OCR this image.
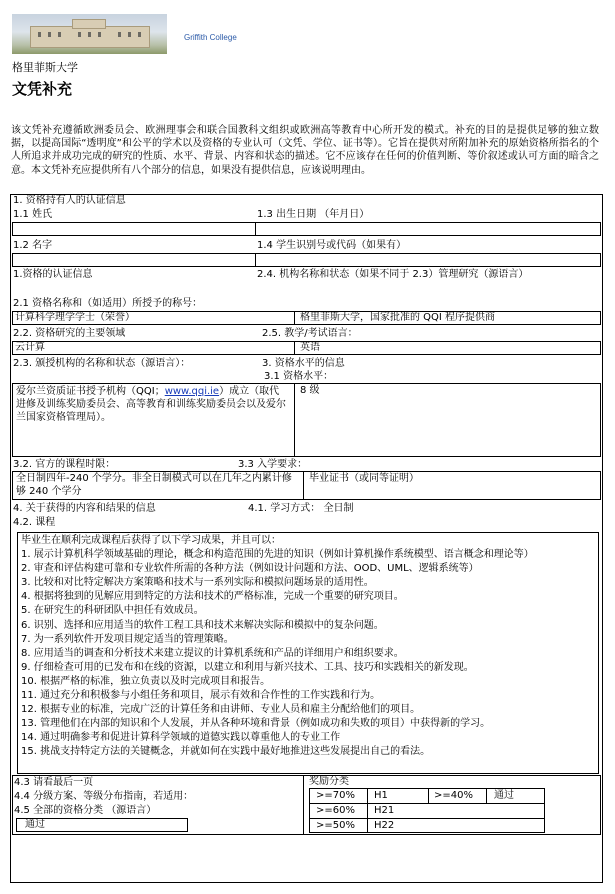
Griffith College
格里菲斯大学
文凭补充
该文凭补充遵循欧洲委员会、欧洲理事会和联合国教科文组织或欧洲高等教育中心所开发的模式。补充的目的是提供足够的独立数据，以提高国际“透明度”和公平的学术以及资格的专业认可（文凭、学位、证书等）。它旨在提供对所附加补充的原始资格所指名的个人所追求并成功完成的研究的性质、水平、背景、内容和状态的描述。它不应该存在任何的价值判断、等价叙述或认可方面的暗含之意。本文凭补充应提供所有八个部分的信息，如果没有提供信息，应该说明理由。
1. 资格持有人的认证信息
1.1 姓氏	1.3 出生日期 （年月日）
1.2 名字	1.4 学生识别号或代码（如果有）
1.资格的认证信息	2.4. 机构名称和状态（如果不同于 2.3）管理研究（源语言）
2.1 资格名称和（如适用）所授予的称号：
计算科学理学学士（荣誉）	格里菲斯大学，国家批准的 QQI 程序提供商
2.2. 资格研究的主要领域	2.5. 教学/考试语言：
云计算	英语
2.3. 颁授机构的名称和状态（源语言）：	3. 资格水平的信息
3.1 资格水平：
爱尔兰资质证书授予机构（QQI；www.qqi.ie）成立（取代进修及训练奖励委员会、高等教育和训练奖励委员会以及爱尔兰国家资格管理局）。
8 级
3.2. 官方的课程时限：	3.3 入学要求：
全日制四年-240 个学分。非全日制模式可以在几年之内累计修够 240 个学分
毕业证书（或同等证明）
4. 关于获得的内容和结果的信息	4.1. 学习方式： 全日制
4.2. 课程
毕业生在顺利完成课程后获得了以下学习成果，并且可以：
1. 展示计算机科学领域基础的理论，概念和构造范围的先进的知识（例如计算机操作系统模型、语言概念和理论等）
2. 审查和评估构建可靠和专业软件所需的各种方法（例如设计问题和方法、OOD、UML、逻辑系统等）
3. 比较和对比特定解决方案策略和技术与一系列实际和模拟问题场景的适用性。
4. 根据将独到的见解应用到特定的方法和技术的严格标准，完成一个重要的研究项目。
5. 在研究生的科研团队中担任有效成员。
6. 识别、选择和应用适当的软件工程工具和技术来解决实际和模拟中的复杂问题。
7. 为一系列软件开发项目规定适当的管理策略。
8. 应用适当的调查和分析技术来建立提议的计算机系统和产品的详细用户和组织要求。
9. 仔细检查可用的已发布和在线的资源，以建立和利用与新兴技术、工具、技巧和实践相关的新发现。
10. 根据严格的标准，独立负责以及时完成项目和报告。
11. 通过充分和积极参与小组任务和项目，展示有效和合作性的工作实践和行为。
12. 根据专业的标准，完成广泛的计算任务和由讲师、专业人员和雇主分配给他们的项目。
13. 管理他们在内部的知识和个人发展，并从各种环境和背景（例如成功和失败的项目）中获得新的学习。
14. 通过明确参考和促进计算科学领域的道德实践以尊重他人的专业工作
15. 挑战支持特定方法的关键概念，并就如何在实践中最好地推进这些发展提出自己的看法。
4.3 请看最后一页
4.4 分级方案、等级分布指南，若适用：
4.5 全部的资格分类 （源语言）
通过
奖励分类
>=70% H1	>=40% 通过
>=60% H21
>=50% H22
